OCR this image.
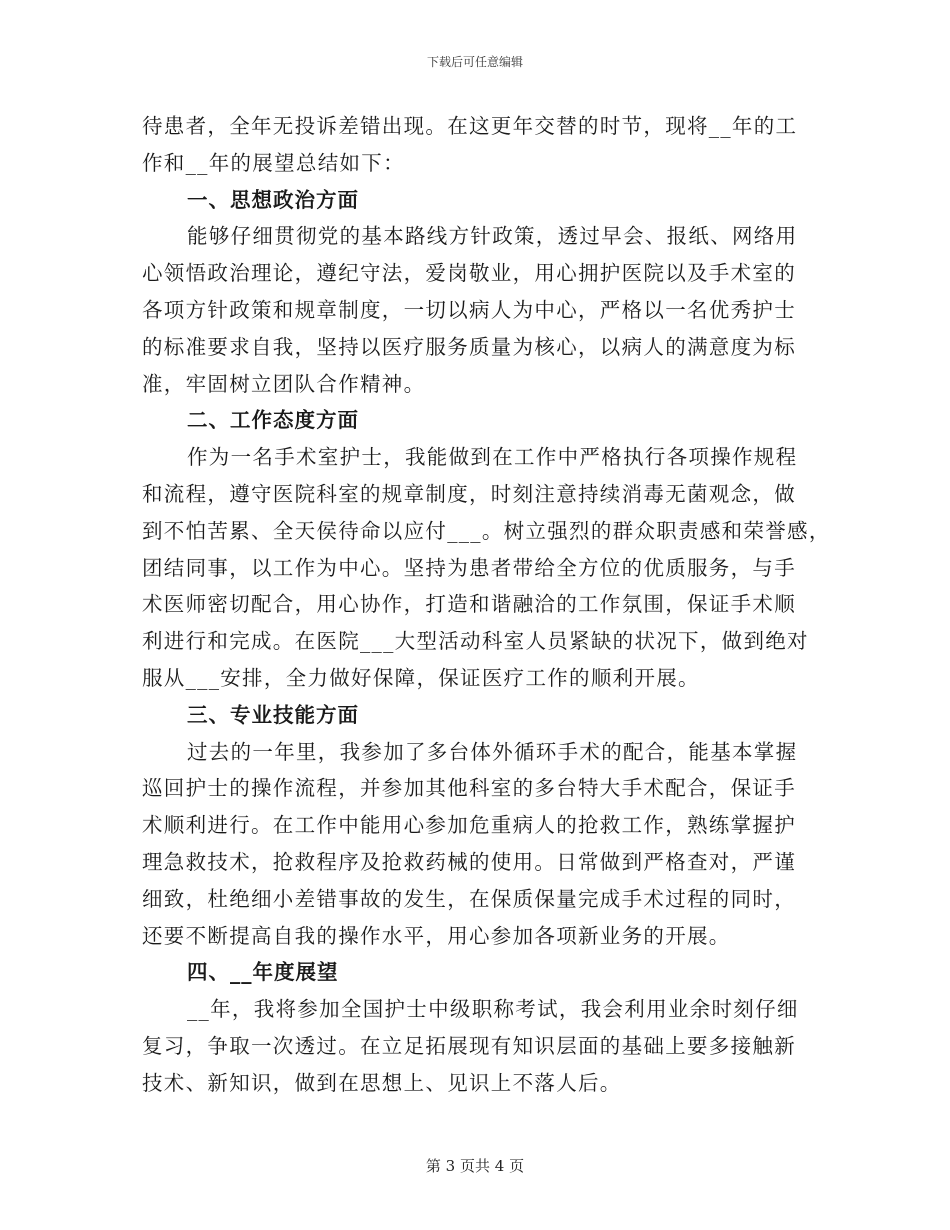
下载后可任意编辑
待患者，全年无投诉差错出现。在这更年交替的时节，现将__年的工
作和__年的展望总结如下：
一、思想政治方面
能够仔细贯彻党的基本路线方针政策，透过早会、报纸、网络用
心领悟政治理论，遵纪守法，爱岗敬业，用心拥护医院以及手术室的
各项方针政策和规章制度，一切以病人为中心，严格以一名优秀护士
的标准要求自我，坚持以医疗服务质量为核心，以病人的满意度为标
准，牢固树立团队合作精神。
二、工作态度方面
作为一名手术室护士，我能做到在工作中严格执行各项操作规程
和流程，遵守医院科室的规章制度，时刻注意持续消毒无菌观念，做
到不怕苦累、全天侯待命以应付___。树立强烈的群众职责感和荣誉感，
团结同事，以工作为中心。坚持为患者带给全方位的优质服务，与手
术医师密切配合，用心协作，打造和谐融洽的工作氛围，保证手术顺
利进行和完成。在医院___大型活动科室人员紧缺的状况下，做到绝对
服从___安排，全力做好保障，保证医疗工作的顺利开展。
三、专业技能方面
过去的一年里，我参加了多台体外循环手术的配合，能基本掌握
巡回护士的操作流程，并参加其他科室的多台特大手术配合，保证手
术顺利进行。在工作中能用心参加危重病人的抢救工作，熟练掌握护
理急救技术，抢救程序及抢救药械的使用。日常做到严格查对，严谨
细致，杜绝细小差错事故的发生，在保质保量完成手术过程的同时，
还要不断提高自我的操作水平，用心参加各项新业务的开展。
四、__年度展望
__年，我将参加全国护士中级职称考试，我会利用业余时刻仔细
复习，争取一次透过。在立足拓展现有知识层面的基础上要多接触新
技术、新知识，做到在思想上、见识上不落人后。
第 3 页共 4 页
